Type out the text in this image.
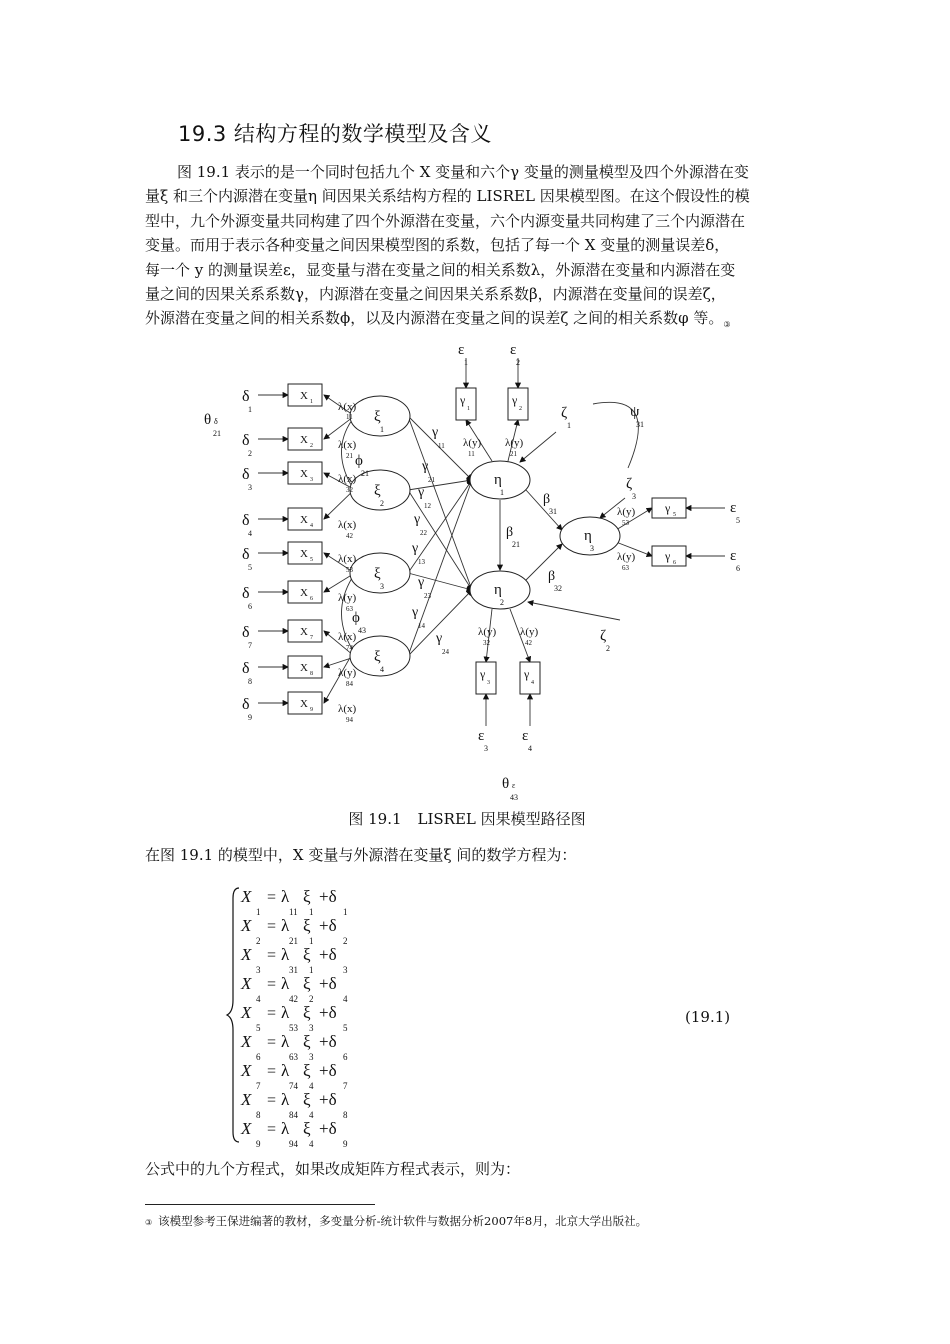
19.3 结构方程的数学模型及含义

图 19.1 表示的是一个同时包括九个 X 变量和六个γ 变量的测量模型及四个外源潜在变

量ξ 和三个内源潜在变量η 间因果关系结构方程的 LISREL 因果模型图。在这个假设性的模

型中，九个外源变量共同构建了四个外源潜在变量，六个内源变量共同构建了三个内源潜在

变量。而用于表示各种变量之间因果模型图的系数，包括了每一个 X 变量的测量误差δ，

每一个 y 的测量误差ε，显变量与潜在变量之间的相关系数λ，外源潜在变量和内源潜在变

量之间的因果关系系数γ，内源潜在变量之间因果关系系数β，内源潜在变量间的误差ζ，

外源潜在变量之间的相关系数ϕ，以及内源潜在变量之间的误差ζ 之间的相关系数φ 等。$_③$

X 1
δ
1	λ(x)
11
X 2
δ
2
λ(x)
21
X 3
δ
3
λ(x)
32
X 4
δ
4
λ(x)
42
X 5
δ
5
λ(x)
53
X 6
δ
6
λ(y)
63
X 7
δ
7
λ(x)
74
X 8
δ
8
λ(y)
84
X 9
δ
9
λ(x)
94
θ δ
21
ξ
1
ξ
2
ξ
3
ξ
4
ϕ
21
ϕ
43
η
1
η
2
η
3
γ
11
γ
21
γ
12
γ
22
γ
13
γ
23
γ
14
γ
24
β
31
β
21
β
32
ζ
1
ζ
3
ζ
2
ψ
31
γ
1
ε
1
λ(y)
11
γ
2
ε
2
λ(y)
21
γ
3
ε
3
λ(y)
32
γ
4
ε
4
λ(y)
42
γ 5	ε
5
λ(y)
53
γ 6	ε
6
λ(y)
63
θ ε
43
图 19.1 LISREL 因果模型路径图
在图 19.1 的模型中，X 变量与外源潜在变量ξ 间的数学方程为：
X
1
= λ
11
ξ
1
+δ
1
X
2
= λ
21
ξ
1
+δ
2
X
3
= λ
31
ξ
1
+δ
3
X
4
= λ
42
ξ
2
+δ
4
X
5
= λ
53
ξ
3
+δ
5
X
6
= λ
63
ξ
3
+δ
6
X
7
= λ
74
ξ
4
+δ
7
X
8
= λ
84
ξ
4
+δ
8
X
9
= λ
94
ξ
4
+δ
9
(19.1)
公式中的九个方程式，如果改成矩阵方程式表示，则为：
③ 该模型参考王保进编著的教材，多变量分析-统计软件与数据分析2007年8月，北京大学出版社。
